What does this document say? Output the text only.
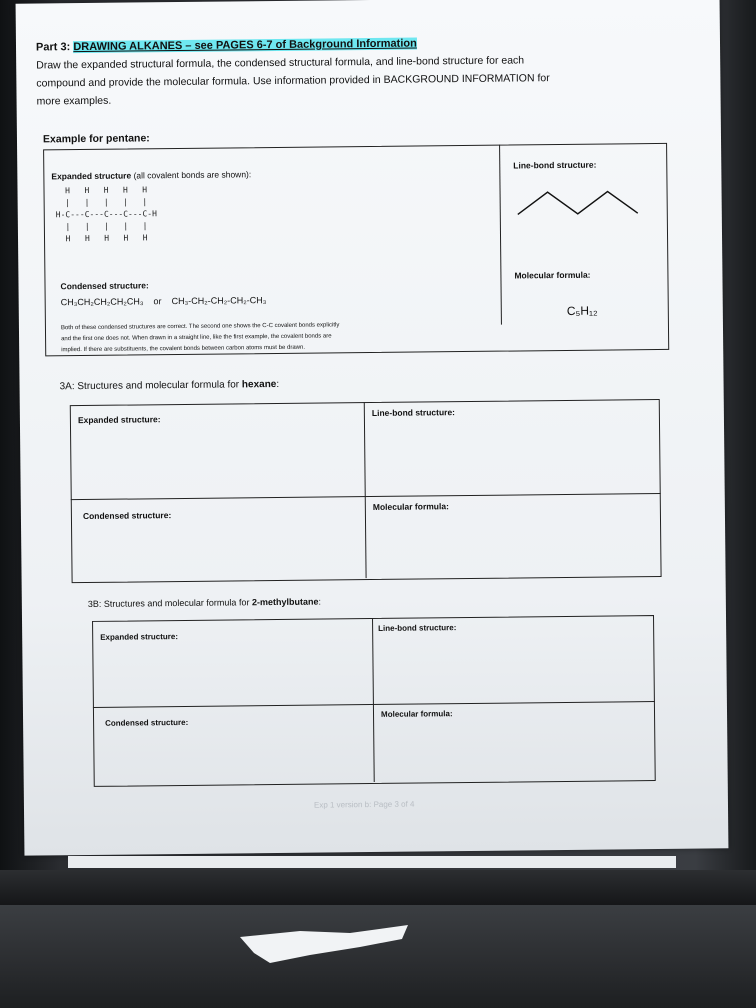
Part 3: DRAWING ALKANES – see PAGES 6-7 of Background Information
Draw the expanded structural formula, the condensed structural formula, and line-bond structure for each
compound and provide the molecular formula. Use information provided in BACKGROUND INFORMATION for
more examples.
Example for pentane:
Expanded structure (all covalent bonds are shown):
H   H   H   H   H
|   |   |   |   |
H-C---C---C---C---C-H
|   |   |   |   |
H   H   H   H   H
Line-bond structure:
Condensed structure:
CH₃CH₂CH₂CH₂CH₃ or CH₃-CH₂-CH₂-CH₂-CH₃
Molecular formula:
C₅H₁₂
Both of these condensed structures are correct. The second one shows the C-C covalent bonds explicitly
and the first one does not. When drawn in a straight line, like the first example, the covalent bonds are
implied. If there are substituents, the covalent bonds between carbon atoms must be drawn.
3A: Structures and molecular formula for hexane:
Expanded structure:
Line-bond structure:
Condensed structure:
Molecular formula:
3B: Structures and molecular formula for 2-methylbutane:
Expanded structure:
Line-bond structure:
Condensed structure:
Molecular formula:
Exp 1 version b: Page 3 of 4
